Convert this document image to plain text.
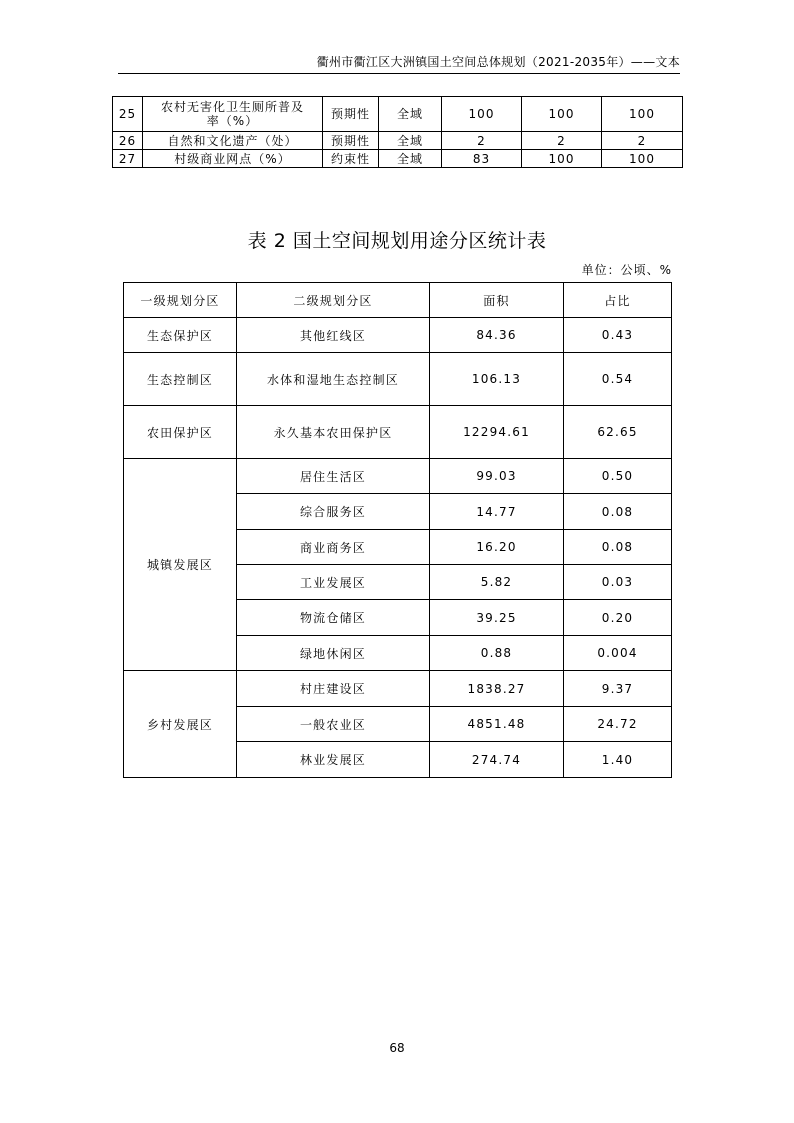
衢州市衢江区大洲镇国土空间总体规划（2021-2035年）——文本
25	农村无害化卫生厕所普及率（%）	预期性	全域	100	100	100
26	自然和文化遗产（处）	预期性	全域	2	2	2
27	村级商业网点（%）	约束性	全域	83	100	100
表 2 国土空间规划用途分区统计表
单位：公顷、%
一级规划分区	二级规划分区	面积	占比
生态保护区	其他红线区	84.36	0.43
生态控制区	水体和湿地生态控制区	106.13	0.54
农田保护区	永久基本农田保护区	12294.61	62.65
城镇发展区	居住生活区	99.03	0.50
	综合服务区	14.77	0.08
	商业商务区	16.20	0.08
	工业发展区	5.82	0.03
	物流仓储区	39.25	0.20
	绿地休闲区	0.88	0.004
乡村发展区	村庄建设区	1838.27	9.37
	一般农业区	4851.48	24.72
	林业发展区	274.74	1.40
68
